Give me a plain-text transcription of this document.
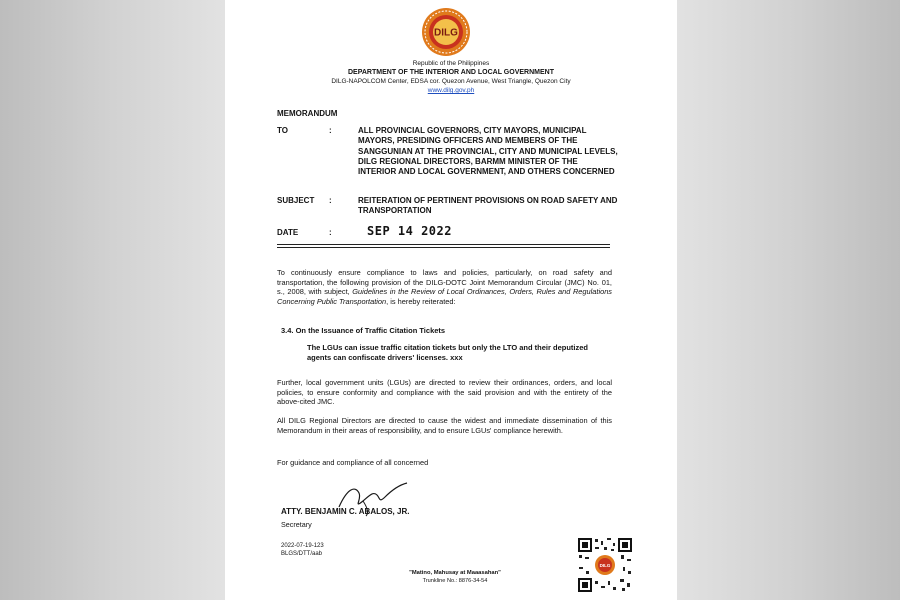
DILG
Republic of the Philippines
DEPARTMENT OF THE INTERIOR AND LOCAL GOVERNMENT
DILG-NAPOLCOM Center, EDSA cor. Quezon Avenue, West Triangle, Quezon City
www.dilg.gov.ph
MEMORANDUM
TO	:	ALL PROVINCIAL GOVERNORS, CITY MAYORS, MUNICIPAL MAYORS, PRESIDING OFFICERS AND MEMBERS OF THE SANGGUNIAN AT THE PROVINCIAL, CITY AND MUNICIPAL LEVELS, DILG REGIONAL DIRECTORS, BARMM MINISTER OF THE INTERIOR AND LOCAL GOVERNMENT, AND OTHERS CONCERNED
SUBJECT :	REITERATION OF PERTINENT PROVISIONS ON ROAD SAFETY AND TRANSPORTATION
DATE	:	SEP 14 2022
To continuously ensure compliance to laws and policies, particularly, on road safety and transportation, the following provision of the DILG-DOTC Joint Memorandum Circular (JMC) No. 01, s., 2008, with subject, Guidelines in the Review of Local Ordinances, Orders, Rules and Regulations Concerning Public Transportation, is hereby reiterated:
3.4. On the Issuance of Traffic Citation Tickets
The LGUs can issue traffic citation tickets but only the LTO and their deputized agents can confiscate drivers' licenses. xxx
Further, local government units (LGUs) are directed to review their ordinances, orders, and local policies, to ensure conformity and compliance with the said provision and with the entirety of the above-cited JMC.
All DILG Regional Directors are directed to cause the widest and immediate dissemination of this Memorandum in their areas of responsibility, and to ensure LGUs' compliance herewith.
For guidance and compliance of all concerned
ATTY. BENJAMIN C. ABALOS, JR.
Secretary
2022-07-19-123
BLGS/DTT/aab
"Matino, Mahusay at Maaasahan"
Trunkline No.: 8876-34-54
DILG
